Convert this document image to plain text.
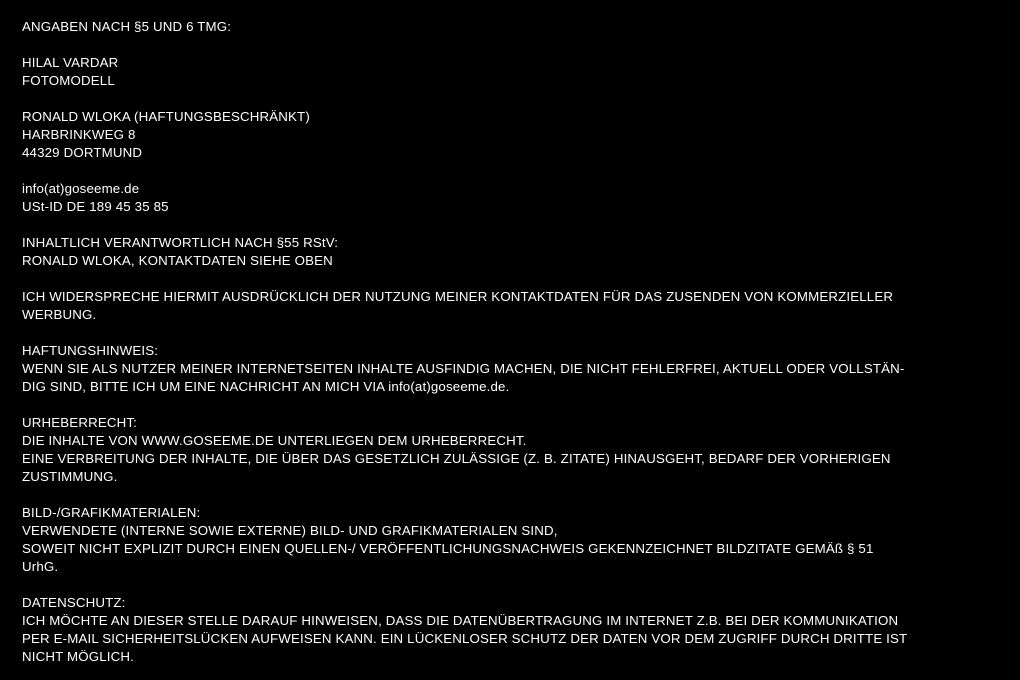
ANGABEN NACH §5 UND 6 TMG:
HILAL VARDAR
FOTOMODELL
RONALD WLOKA (HAFTUNGSBESCHRÄNKT)
HARBRINKWEG 8
44329 DORTMUND
info(at)goseeme.de
USt-ID DE 189 45 35 85
INHALTLICH VERANTWORTLICH NACH §55 RStV:
RONALD WLOKA, KONTAKTDATEN SIEHE OBEN
ICH WIDERSPRECHE HIERMIT AUSDRÜCKLICH DER NUTZUNG MEINER KONTAKTDATEN FÜR DAS ZUSENDEN VON KOMMERZIELLER
WERBUNG.
HAFTUNGSHINWEIS:
WENN SIE ALS NUTZER MEINER INTERNETSEITEN INHALTE AUSFINDIG MACHEN, DIE NICHT FEHLERFREI, AKTUELL ODER VOLLSTÄN-
DIG SIND, BITTE ICH UM EINE NACHRICHT AN MICH VIA info(at)goseeme.de.
URHEBERRECHT:
DIE INHALTE VON WWW.GOSEEME.DE UNTERLIEGEN DEM URHEBERRECHT.
EINE VERBREITUNG DER INHALTE, DIE ÜBER DAS GESETZLICH ZULÄSSIGE (Z. B. ZITATE) HINAUSGEHT, BEDARF DER VORHERIGEN
ZUSTIMMUNG.
BILD-/GRAFIKMATERIALEN:
VERWENDETE (INTERNE SOWIE EXTERNE) BILD- UND GRAFIKMATERIALEN SIND,
SOWEIT NICHT EXPLIZIT DURCH EINEN QUELLEN-/ VERÖFFENTLICHUNGSNACHWEIS GEKENNZEICHNET BILDZITATE GEMÄß § 51
UrhG.
DATENSCHUTZ:
ICH MÖCHTE AN DIESER STELLE DARAUF HINWEISEN, DASS DIE DATENÜBERTRAGUNG IM INTERNET Z.B. BEI DER KOMMUNIKATION
PER E-MAIL SICHERHEITSLÜCKEN AUFWEISEN KANN. EIN LÜCKENLOSER SCHUTZ DER DATEN VOR DEM ZUGRIFF DURCH DRITTE IST
NICHT MÖGLICH.
